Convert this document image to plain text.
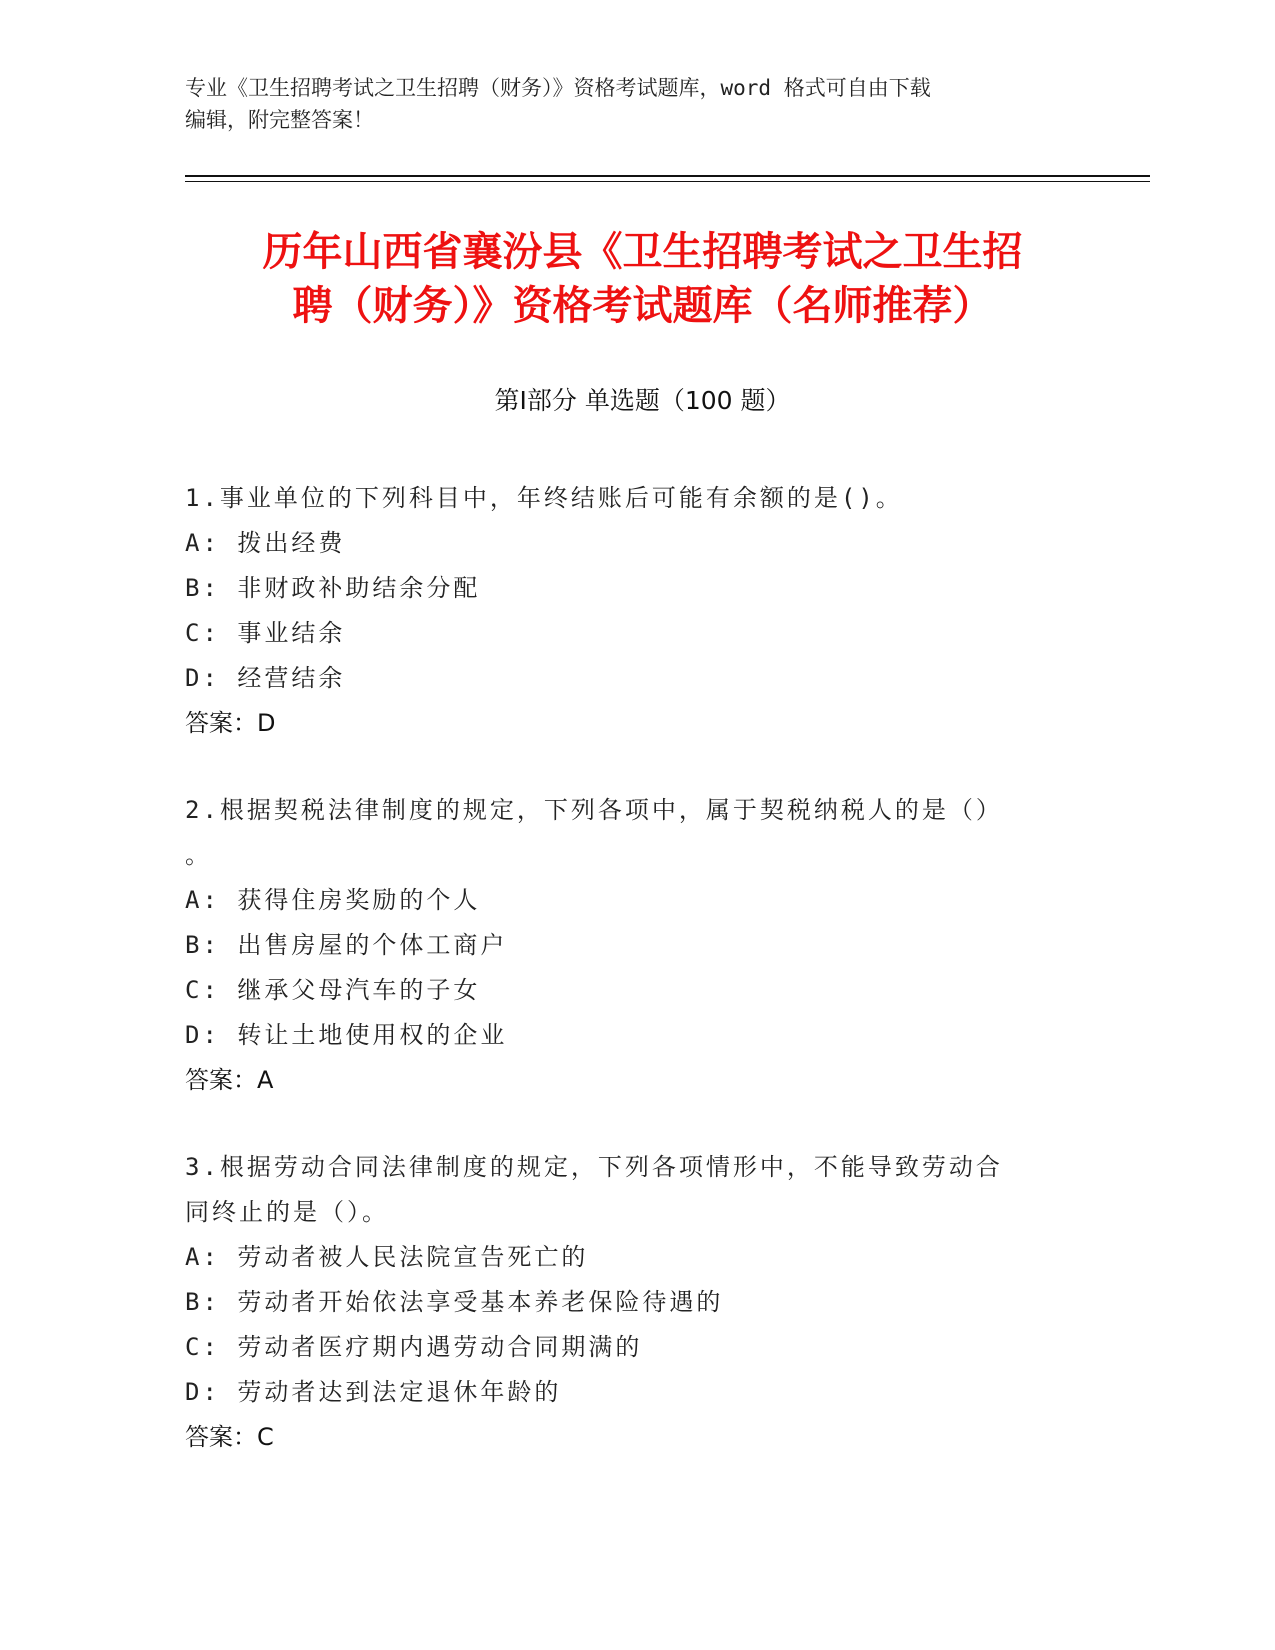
专业《卫生招聘考试之卫生招聘（财务）》资格考试题库，word 格式可自由下载
编辑，附完整答案！
历年山西省襄汾县《卫生招聘考试之卫生招
聘（财务）》资格考试题库（名师推荐）
第Ⅰ部分 单选题（100 题）
1.事业单位的下列科目中，年终结账后可能有余额的是()。
A: 拨出经费
B: 非财政补助结余分配
C: 事业结余
D: 经营结余
答案：D
2.根据契税法律制度的规定，下列各项中，属于契税纳税人的是（）
。
A: 获得住房奖励的个人
B: 出售房屋的个体工商户
C: 继承父母汽车的子女
D: 转让土地使用权的企业
答案：A
3.根据劳动合同法律制度的规定，下列各项情形中，不能导致劳动合
同终止的是（）。
A: 劳动者被人民法院宣告死亡的
B: 劳动者开始依法享受基本养老保险待遇的
C: 劳动者医疗期内遇劳动合同期满的
D: 劳动者达到法定退休年龄的
答案：C
